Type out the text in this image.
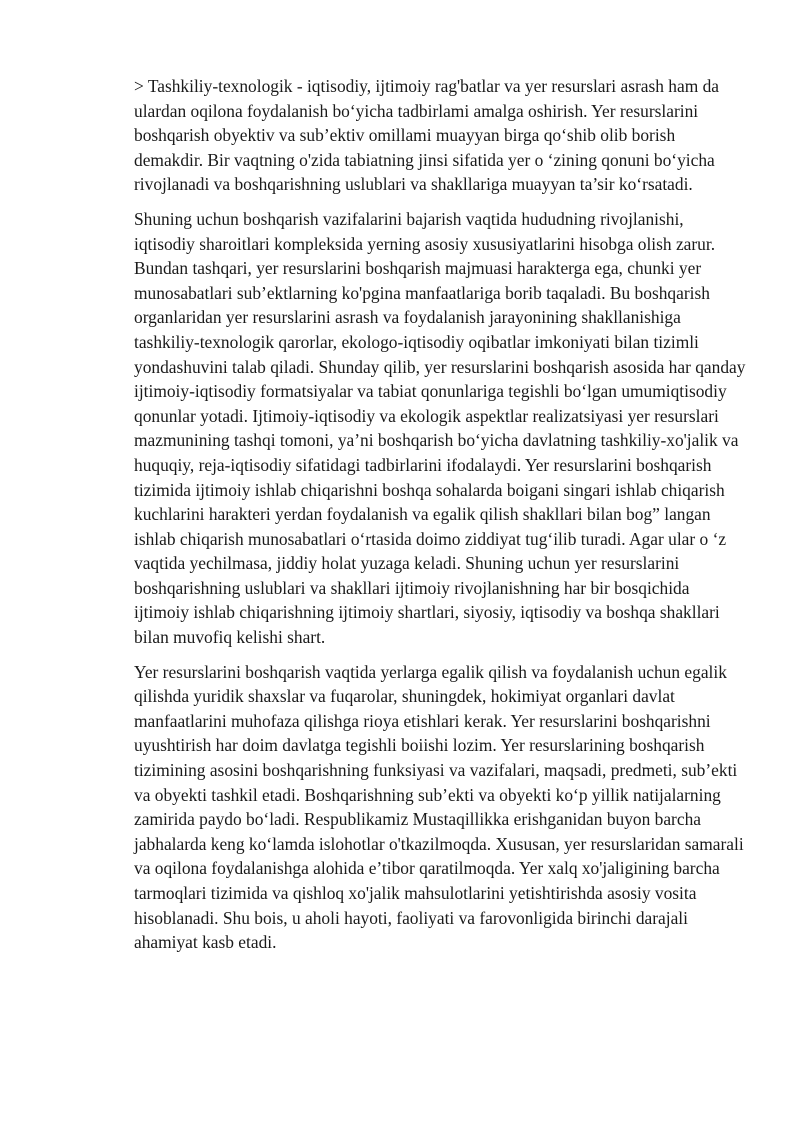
> Tashkiliy-texnologik - iqtisodiy, ijtimoiy rag'batlar va yer resurslari asrash ham da ulardan oqilona foydalanish bo‘yicha tadbirlami amalga oshirish. Yer resurslarini boshqarish obyektiv va sub’ektiv omillami muayyan birga qo‘shib olib borish demakdir. Bir vaqtning o'zida tabiatning jinsi sifatida yer o ‘zining qonuni bo‘yicha rivojlanadi va boshqarishning uslublari va shakllariga muayyan ta’sir ko‘rsatadi.

Shuning uchun boshqarish vazifalarini bajarish vaqtida hududning rivojlanishi, iqtisodiy sharoitlari kompleksida yerning asosiy xususiyatlarini hisobga olish zarur. Bundan tashqari, yer resurslarini boshqarish majmuasi harakterga ega, chunki yer munosabatlari sub’ektlarning ko'pgina manfaatlariga borib taqaladi. Bu boshqarish organlaridan yer resurslarini asrash va foydalanish jarayonining shakllanishiga tashkiliy-texnologik qarorlar, ekologo-iqtisodiy oqibatlar imkoniyati bilan tizimli yondashuvini talab qiladi. Shunday qilib, yer resurslarini boshqarish asosida har qanday ijtimoiy-iqtisodiy formatsiyalar va tabiat qonunlariga tegishli bo‘lgan umumiqtisodiy qonunlar yotadi. Ijtimoiy-iqtisodiy va ekologik aspektlar realizatsiyasi yer resurslari mazmunining tashqi tomoni, ya’ni boshqarish bo‘yicha davlatning tashkiliy-xo'jalik va huquqiy, reja-iqtisodiy sifatidagi tadbirlarini ifodalaydi. Yer resurslarini boshqarish tizimida ijtimoiy ishlab chiqarishni boshqa sohalarda boigani singari ishlab chiqarish kuchlarini harakteri yerdan foydalanish va egalik qilish shakllari bilan bog” langan ishlab chiqarish munosabatlari o‘rtasida doimo ziddiyat tug‘ilib turadi. Agar ular o ‘z vaqtida yechilmasa, jiddiy holat yuzaga keladi. Shuning uchun yer resurslarini boshqarishning uslublari va shakllari ijtimoiy rivojlanishning har bir bosqichida ijtimoiy ishlab chiqarishning ijtimoiy shartlari, siyosiy, iqtisodiy va boshqa shakllari bilan muvofiq kelishi shart.

Yer resurslarini boshqarish vaqtida yerlarga egalik qilish va foydalanish uchun egalik qilishda yuridik shaxslar va fuqarolar, shuningdek, hokimiyat organlari davlat manfaatlarini muhofaza qilishga rioya etishlari kerak. Yer resurslarini boshqarishni uyushtirish har doim davlatga tegishli boiishi lozim. Yer resurslarining boshqarish tizimining asosini boshqarishning funksiyasi va vazifalari, maqsadi, predmeti, sub’ekti va obyekti tashkil etadi. Boshqarishning sub’ekti va obyekti ko‘p yillik natijalarning zamirida paydo bo‘ladi. Respublikamiz Mustaqillikka erishganidan buyon barcha jabhalarda keng ko‘lamda islohotlar o'tkazilmoqda. Xususan, yer resurslaridan samarali va oqilona foydalanishga alohida e’tibor qaratilmoqda. Yer xalq xo'jaligining barcha tarmoqlari tizimida va qishloq xo'jalik mahsulotlarini yetishtirishda asosiy vosita hisoblanadi. Shu bois, u aholi hayoti, faoliyati va farovonligida birinchi darajali ahamiyat kasb etadi.
